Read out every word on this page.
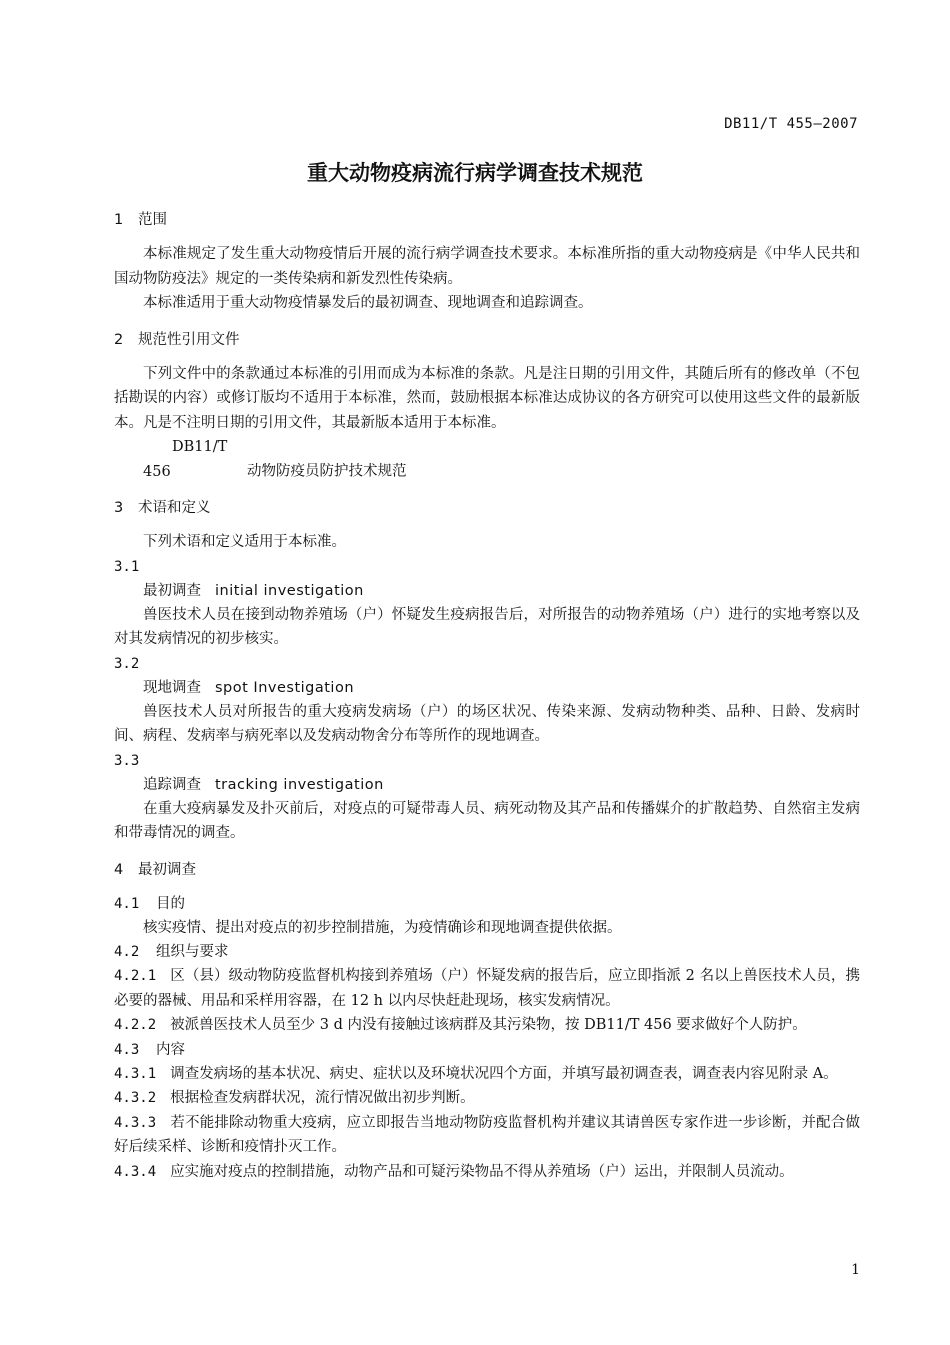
DB11/T 455—2007
重大动物疫病流行病学调查技术规范
1 范围

本标准规定了发生重大动物疫情后开展的流行病学调查技术要求。本标准所指的重大动物疫病是《中华人民共和国动物防疫法》规定的一类传染病和新发烈性传染病。

本标准适用于重大动物疫情暴发后的最初调查、现地调查和追踪调查。

2 规范性引用文件

下列文件中的条款通过本标准的引用而成为本标准的条款。凡是注日期的引用文件，其随后所有的修改单（不包括勘误的内容）或修订版均不适用于本标准，然而，鼓励根据本标准达成协议的各方研究可以使用这些文件的最新版本。凡是不注明日期的引用文件，其最新版本适用于本标准。

DB11/T 456	动物防疫员防护技术规范

3 术语和定义

下列术语和定义适用于本标准。

3.1

最初调查 initial investigation

兽医技术人员在接到动物养殖场（户）怀疑发生疫病报告后，对所报告的动物养殖场（户）进行的实地考察以及对其发病情况的初步核实。

3.2

现地调查 spot Investigation

兽医技术人员对所报告的重大疫病发病场（户）的场区状况、传染来源、发病动物种类、品种、日龄、发病时间、病程、发病率与病死率以及发病动物舍分布等所作的现地调查。

3.3

追踪调查 tracking investigation

在重大疫病暴发及扑灭前后，对疫点的可疑带毒人员、病死动物及其产品和传播媒介的扩散趋势、自然宿主发病和带毒情况的调查。

4 最初调查
4.1 目的

核实疫情、提出对疫点的初步控制措施，为疫情确诊和现地调查提供依据。

4.2 组织与要求

4.2.1 区（县）级动物防疫监督机构接到养殖场（户）怀疑发病的报告后，应立即指派 2 名以上兽医技术人员，携必要的器械、用品和采样用容器，在 12 h 以内尽快赶赴现场，核实发病情况。

4.2.2 被派兽医技术人员至少 3 d 内没有接触过该病群及其污染物，按 DB11/T 456 要求做好个人防护。

4.3 内容

4.3.1 调查发病场的基本状况、病史、症状以及环境状况四个方面，并填写最初调查表，调查表内容见附录 A。

4.3.2 根据检查发病群状况，流行情况做出初步判断。

4.3.3 若不能排除动物重大疫病，应立即报告当地动物防疫监督机构并建议其请兽医专家作进一步诊断，并配合做好后续采样、诊断和疫情扑灭工作。

4.3.4 应实施对疫点的控制措施，动物产品和可疑污染物品不得从养殖场（户）运出，并限制人员流动。

1
